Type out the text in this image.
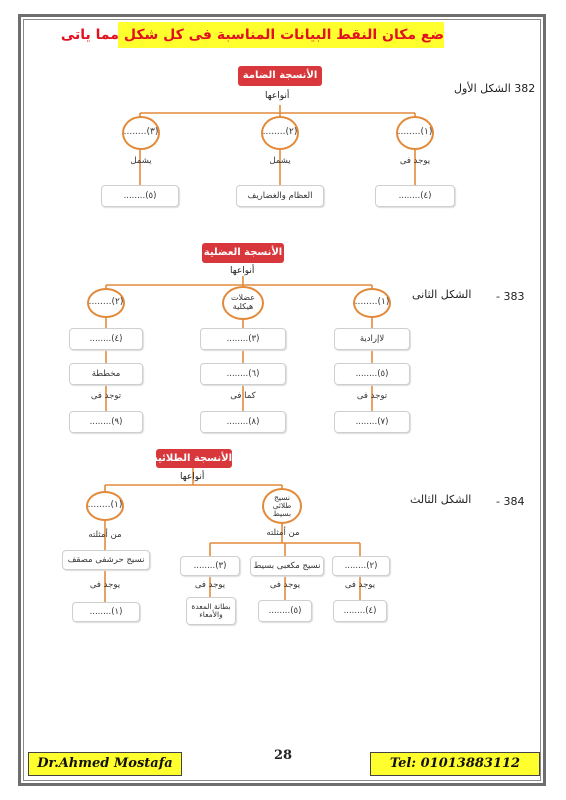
ضع مكان النقط البيانات المناسبة فى كل شكل مما ياتى
382 الشكل الأول
الشكل الثانى 383 -
الشكل الثالث 384 -
الأنسجة الضامة
أنواعها
(٣)........	(٢)........	(١)........
يشمل	يشمل	يوجد فى
(٥)........	العظام والغضاريف	(٤)........
الأنسجة العضلية
أنواعها
(٢)........	عضلات هيكلية	(١)........
(٤)........	(٣)........	لاإرادية
مخططة	(٦)........	(٥)........
توجد فى	كما فى	توجد فى
(٩)........	(٨)........	(٧)........
الأنسجة الطلائية
أنواعها
(١)........
نسيج طلائى بسيط
من أمثلته	من أمثلته
نسيج حرشفى مصقف
يوجد فى
(١)........
(٣)........	نسيج مكعبى بسيط	(٢)........
يوجد فى	يوجد فى	يوجد فى
بطانة المعدة والأمعاء	(٥)........	(٤)........
Dr.Ahmed Mostafa
28
Tel: 01013883112
